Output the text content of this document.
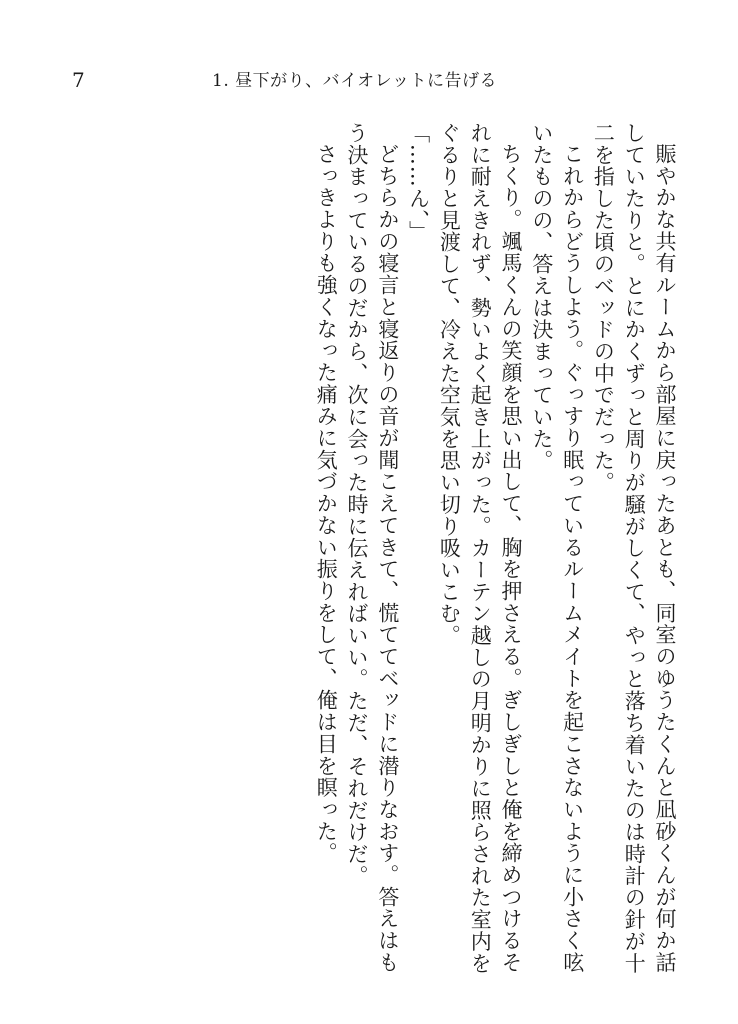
7	1. 昼下がり、バイオレットに告げる

賑やかな共有ルームから部屋に戻ったあとも、同室のゆうたくんと凪砂くんが何か話していたりと。とにかくずっと周りが騒がしくて、やっと落ち着いたのは時計の針が十二を指した頃のベッドの中でだった。

これからどうしよう。ぐっすり眠っているルームメイトを起こさないように小さく呟いたものの、答えは決まっていた。

ちくり。颯馬くんの笑顔を思い出して、胸を押さえる。ぎしぎしと俺を締めつけるそれに耐えきれず、勢いよく起き上がった。カーテン越しの月明かりに照らされた室内をぐるりと見渡して、冷えた空気を思い切り吸いこむ。

「……ん、」

どちらかの寝言と寝返りの音が聞こえてきて、慌ててベッドに潜りなおす。答えはもう決まっているのだから、次に会った時に伝えればいい。ただ、それだけだ。

さっきよりも強くなった痛みに気づかない振りをして、俺は目を瞑った。
